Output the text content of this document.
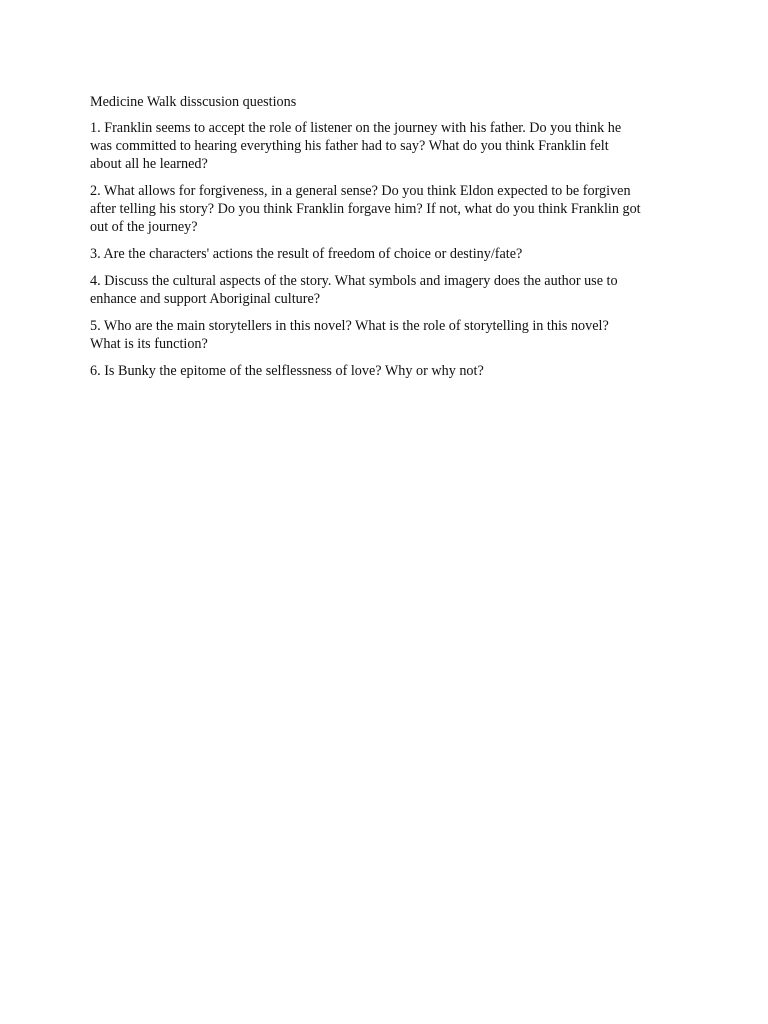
Medicine Walk disscusion questions
1. Franklin seems to accept the role of listener on the journey with his father. Do you think he
was committed to hearing everything his father had to say? What do you think Franklin felt
about all he learned?
2. What allows for forgiveness, in a general sense? Do you think Eldon expected to be forgiven
after telling his story? Do you think Franklin forgave him? If not, what do you think Franklin got
out of the journey?
3. Are the characters' actions the result of freedom of choice or destiny/fate?
4. Discuss the cultural aspects of the story. What symbols and imagery does the author use to
enhance and support Aboriginal culture?
5. Who are the main storytellers in this novel? What is the role of storytelling in this novel?
What is its function?
6. Is Bunky the epitome of the selflessness of love? Why or why not?
